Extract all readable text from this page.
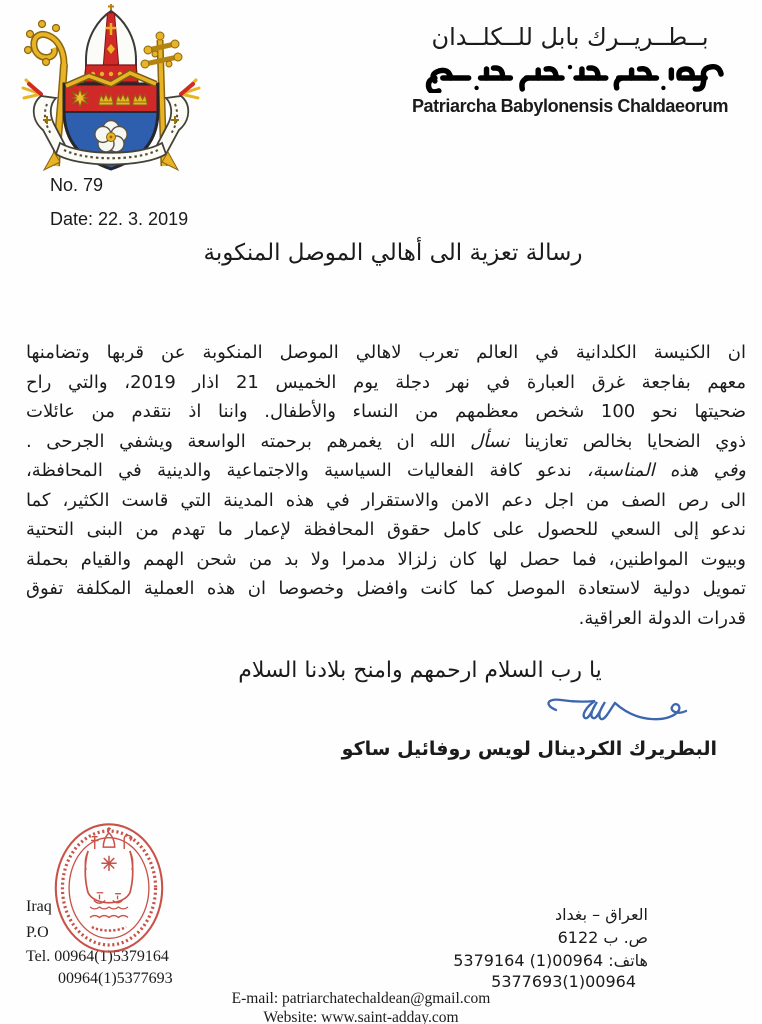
بــطــريــرك بابل للــكلــدان
Patriarcha Babylonensis Chaldaeorum
No. 79
Date: 22. 3. 2019
رسالة تعزية الى أهالي الموصل المنكوبة

ان الكنيسة الكلدانية في العالم تعرب لاهالي الموصل المنكوبة عن قربها وتضامنها

معهم بفاجعة غرق العبارة في نهر دجلة يوم الخميس 21 اذار 2019، والتي راح

ضحيتها نحو 100 شخص معظمهم من النساء والأطفال. واننا اذ نتقدم من عائلات

ذوي الضحايا بخالص تعازينا نسأل الله ان يغمرهم برحمته الواسعة ويشفي الجرحى .

وفي هذه المناسبة، ندعو كافة الفعاليات السياسية والاجتماعية والدينية في المحافظة،

الى رص الصف من اجل دعم الامن والاستقرار في هذه المدينة التي قاست الكثير، كما

ندعو إلى السعي للحصول على كامل حقوق المحافظة لإعمار ما تهدم من البنى التحتية

وبيوت المواطنين، فما حصل لها كان زلزالا مدمرا ولا بد من شحن الهمم والقيام بحملة

تمويل دولية لاستعادة الموصل كما كانت وافضل وخصوصا ان هذه العملية المكلفة تفوق

قدرات الدولة العراقية.

يا رب السلام ارحمهم وامنح بلادنا السلام
البطريرك الكردينال لويس روفائيل ساكو
Iraq
P.O
Tel. 00964(1)5379164
00964(1)5377693
العراق – بغداد
ص. ب 6122
هاتف: 00964(1) 5379164
00964(1)5377693
E-mail: patriarchatechaldean@gmail.com
Website: www.saint-adday.com
